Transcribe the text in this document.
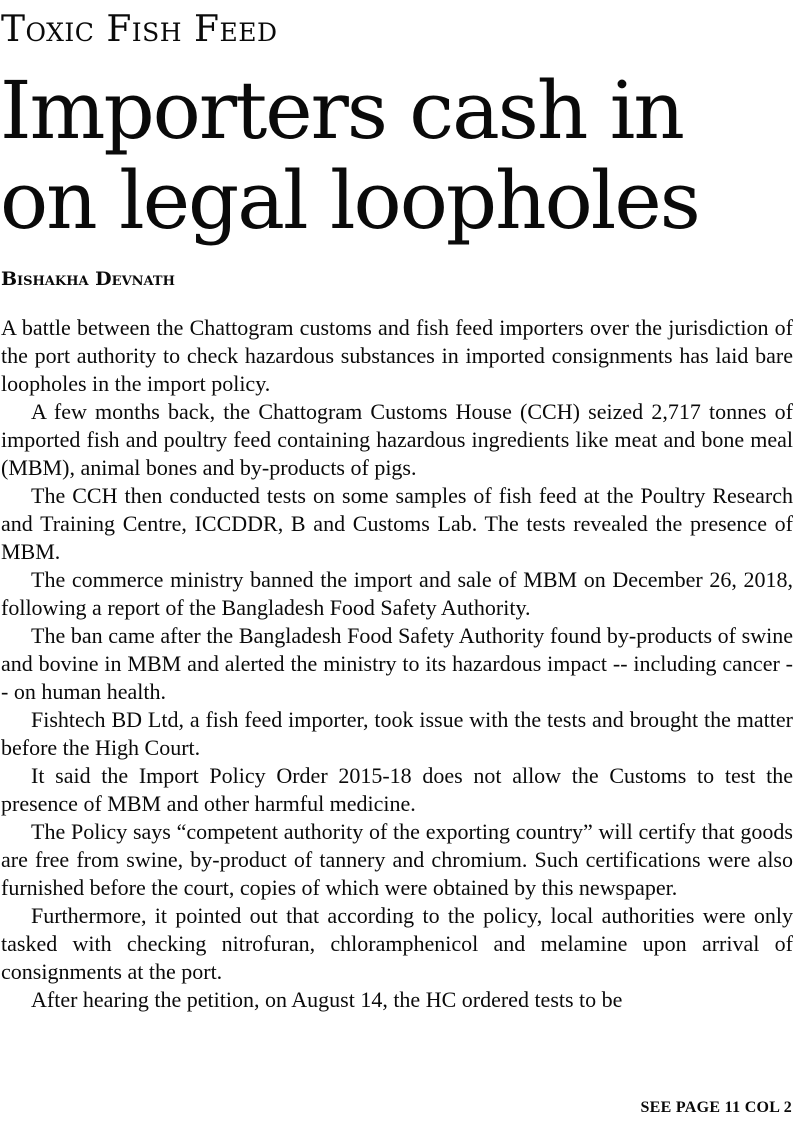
Toxic Fish Feed
Importers cash in
on legal loopholes
Bishakha Devnath

A battle between the Chattogram customs and fish feed importers over the jurisdiction of the port authority to check hazardous substances in imported consignments has laid bare loopholes in the import policy.

A few months back, the Chattogram Customs House (CCH) seized 2,717 tonnes of imported fish and poultry feed containing hazardous ingredients like meat and bone meal (MBM), animal bones and by-products of pigs.

The CCH then conducted tests on some samples of fish feed at the Poultry Research and Training Centre, ICCDDR, B and Customs Lab. The tests revealed the presence of MBM.

The commerce ministry banned the import and sale of MBM on December 26, 2018, following a report of the Bangladesh Food Safety Authority.

The ban came after the Bangladesh Food Safety Authority found by-products of swine and bovine in MBM and alerted the ministry to its hazardous impact -- including cancer -- on human health.

Fishtech BD Ltd, a fish feed importer, took issue with the tests and brought the matter before the High Court.

It said the Import Policy Order 2015-18 does not allow the Customs to test the presence of MBM and other harmful medicine.

The Policy says “competent authority of the exporting country” will certify that goods are free from swine, by-product of tannery and chromium. Such certifications were also furnished before the court, copies of which were obtained by this newspaper.

Furthermore, it pointed out that according to the policy, local authorities were only tasked with checking nitrofuran, chloramphenicol and melamine upon arrival of consignments at the port.

After hearing the petition, on August 14, the HC ordered tests to be

SEE PAGE 11 COL 2
